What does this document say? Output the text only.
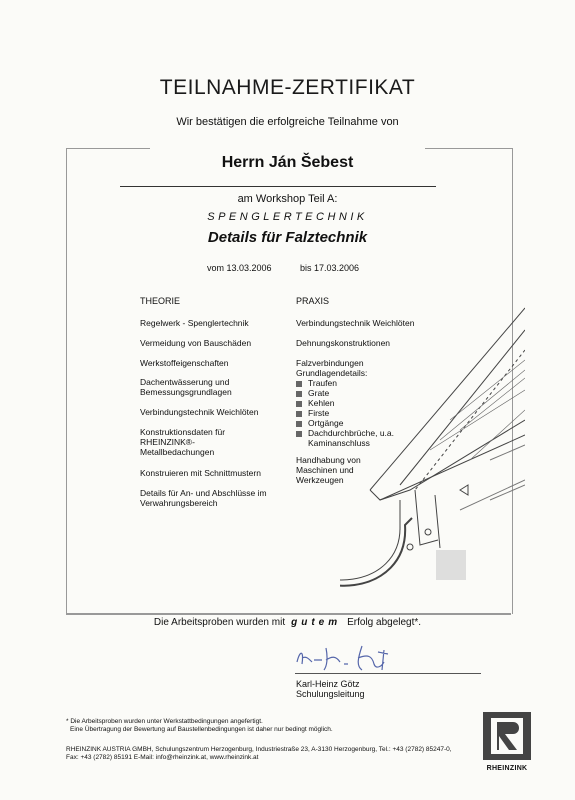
TEILNAHME-ZERTIFIKAT
Wir bestätigen die erfolgreiche Teilnahme von
Herrn Ján Šebest
am Workshop Teil A:
SPENGLERTECHNIK
Details für Falztechnik
vom 13.03.2006	bis 17.03.2006
THEORIE	PRAXIS
Regelwerk - Spenglertechnik
Vermeidung von Bauschäden
Werkstoffeigenschaften
Dachentwässerung und Bemessungsgrundlagen
Verbindungstechnik Weichlöten
Konstruktionsdaten für RHEINZINK®-Metallbedachungen
Konstruieren mit Schnittmustern
Details für An- und Abschlüsse im Verwahrungsbereich
Verbindungstechnik Weichlöten
Dehnungskonstruktionen
Falzverbindungen Grundlagendetails:
Traufen
Grate
Kehlen
Firste
Ortgänge
Dachdurchbrüche, u.a. Kaminanschluss
Handhabung von Maschinen und Werkzeugen
Die Arbeitsproben wurden mit gutem Erfolg abgelegt*.
Karl-Heinz Götz
Schulungsleitung
* Die Arbeitsproben wurden unter Werkstattbedingungen angefertigt.
Eine Übertragung der Bewertung auf Baustellenbedingungen ist daher nur bedingt möglich.
RHEINZINK AUSTRIA GMBH, Schulungszentrum Herzogenburg, Industriestraße 23, A-3130 Herzogenburg, Tel.: +43 (2782) 85247-0,
Fax: +43 (2782) 85191 E-Mail: info@rheinzink.at, www.rheinzink.at
RHEINZINK
